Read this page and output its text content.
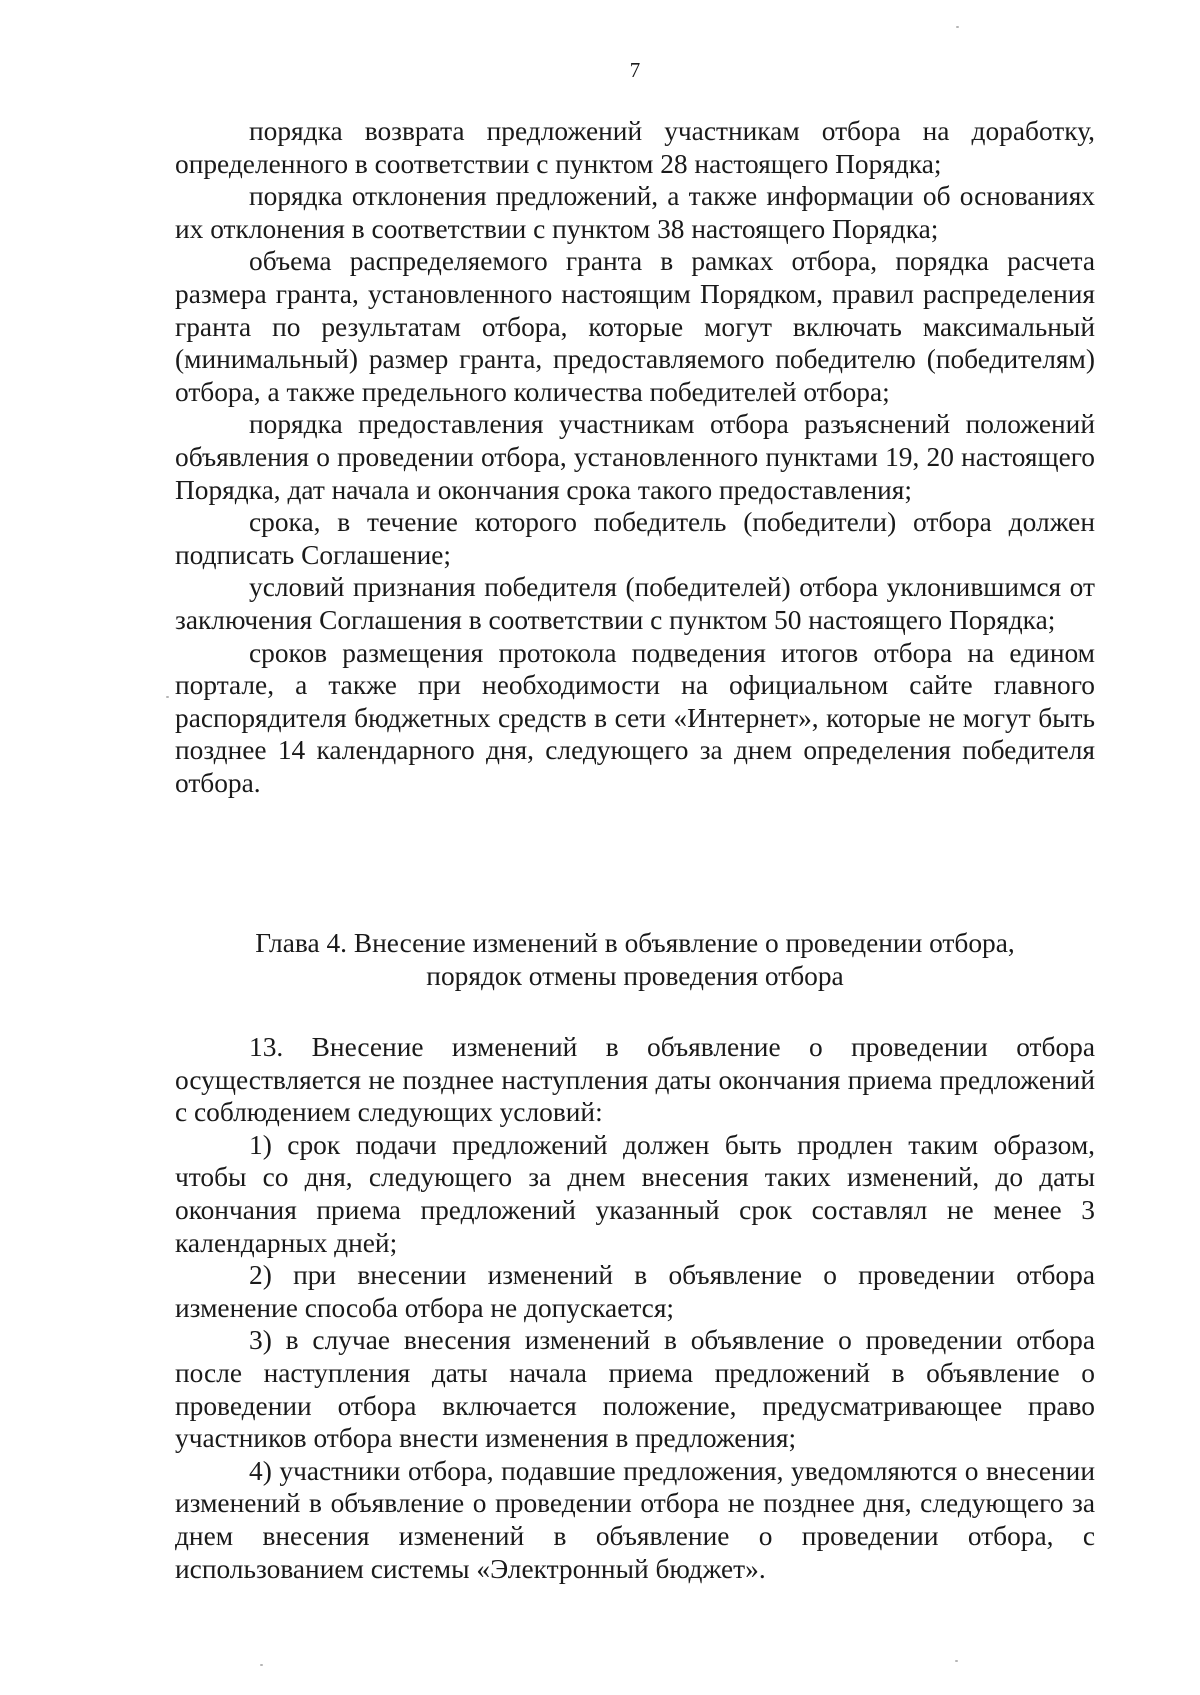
7

порядка возврата предложений участникам отбора на доработку, определенного в соответствии с пунктом 28 настоящего Порядка;

порядка отклонения предложений, а также информации об основаниях их отклонения в соответствии с пунктом 38 настоящего Порядка;

объема распределяемого гранта в рамках отбора, порядка расчета размера гранта, установленного настоящим Порядком, правил распределения гранта по результатам отбора, которые могут включать максимальный (минимальный) размер гранта, предоставляемого победителю (победителям) отбора, а также предельного количества победителей отбора;

порядка предоставления участникам отбора разъяснений положений объявления о проведении отбора, установленного пунктами 19, 20 настоящего Порядка, дат начала и окончания срока такого предоставления;

срока, в течение которого победитель (победители) отбора должен подписать Соглашение;

условий признания победителя (победителей) отбора уклонившимся от заключения Соглашения в соответствии с пунктом 50 настоящего Порядка;

сроков размещения протокола подведения итогов отбора на едином портале, а также при необходимости на официальном сайте главного распорядителя бюджетных средств в сети «Интернет», которые не могут быть позднее 14 календарного дня, следующего за днем определения победителя отбора.

Глава 4. Внесение изменений в объявление о проведении отбора,
порядок отмены проведения отбора

13. Внесение изменений в объявление о проведении отбора осуществляется не позднее наступления даты окончания приема предложений с соблюдением следующих условий:

1) срок подачи предложений должен быть продлен таким образом, чтобы со дня, следующего за днем внесения таких изменений, до даты окончания приема предложений указанный срок составлял не менее 3 календарных дней;

2) при внесении изменений в объявление о проведении отбора изменение способа отбора не допускается;

3) в случае внесения изменений в объявление о проведении отбора после наступления даты начала приема предложений в объявление о проведении отбора включается положение, предусматривающее право участников отбора внести изменения в предложения;

4) участники отбора, подавшие предложения, уведомляются о внесении изменений в объявление о проведении отбора не позднее дня, следующего за днем внесения изменений в объявление о проведении отбора, с использованием системы «Электронный бюджет».
